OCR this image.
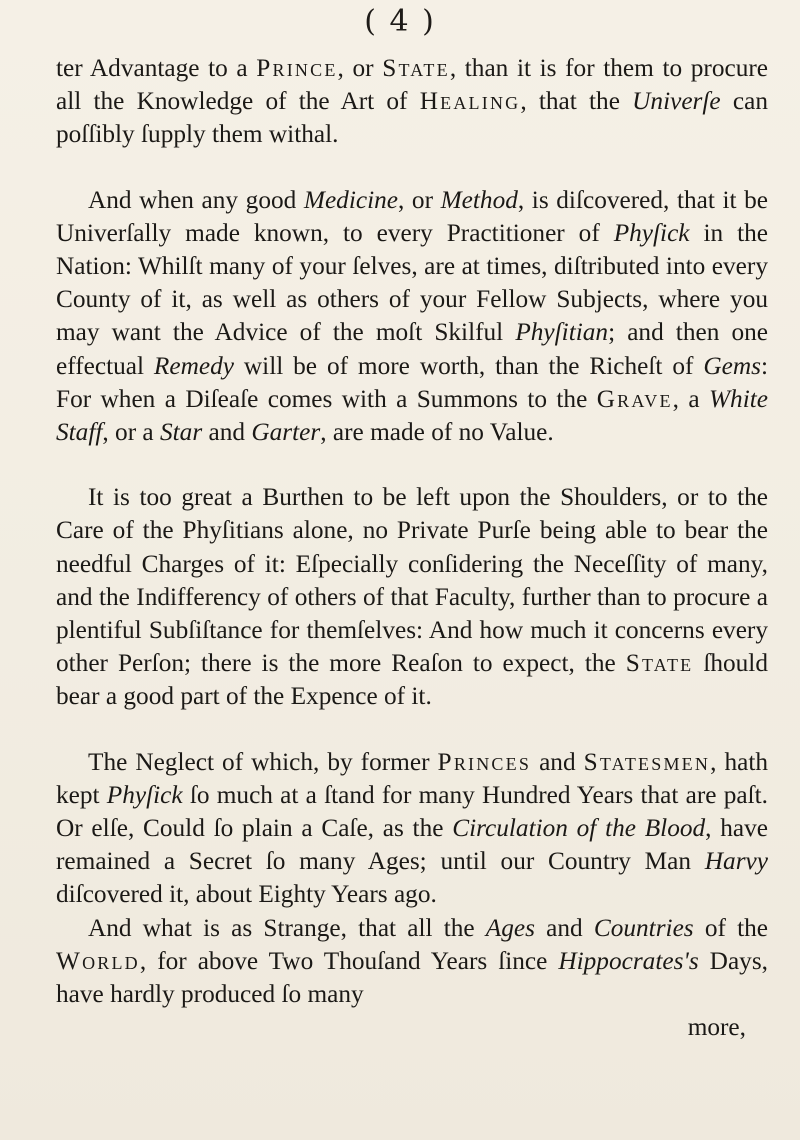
( 4 )

ter Advantage to a Prince, or State, than it is for them to procure all the Knowledge of the Art of Healing, that the Univerſe can poſſibly ſupply them withal.

And when any good Medicine, or Method, is diſcovered, that it be Univerſally made known, to every Practitioner of Phyſick in the Nation: Whilſt many of your ſelves, are at times, diſtributed into every County of it, as well as others of your Fellow Subjects, where you may want the Advice of the moſt Skilful Phyſitian; and then one effectual Remedy will be of more worth, than the Richeſt of Gems: For when a Diſeaſe comes with a Summons to the Grave, a White Staff, or a Star and Garter, are made of no Value.

It is too great a Burthen to be left upon the Shoulders, or to the Care of the Phyſitians alone, no Private Purſe being able to bear the needful Charges of it: Eſpecially conſidering the Neceſſity of many, and the Indifferency of others of that Faculty, further than to procure a plentiful Subſiſtance for themſelves: And how much it concerns every other Perſon; there is the more Reaſon to expect, the State ſhould bear a good part of the Expence of it.

The Neglect of which, by former Princes and Statesmen, hath kept Phyſick ſo much at a ſtand for many Hundred Years that are paſt. Or elſe, Could ſo plain a Caſe, as the Circulation of the Blood, have remained a Secret ſo many Ages; until our Country Man Harvy diſcovered it, about Eighty Years ago.

And what is as Strange, that all the Ages and Countries of the World, for above Two Thouſand Years ſince Hippocrates's Days, have hardly produced ſo many
more,
